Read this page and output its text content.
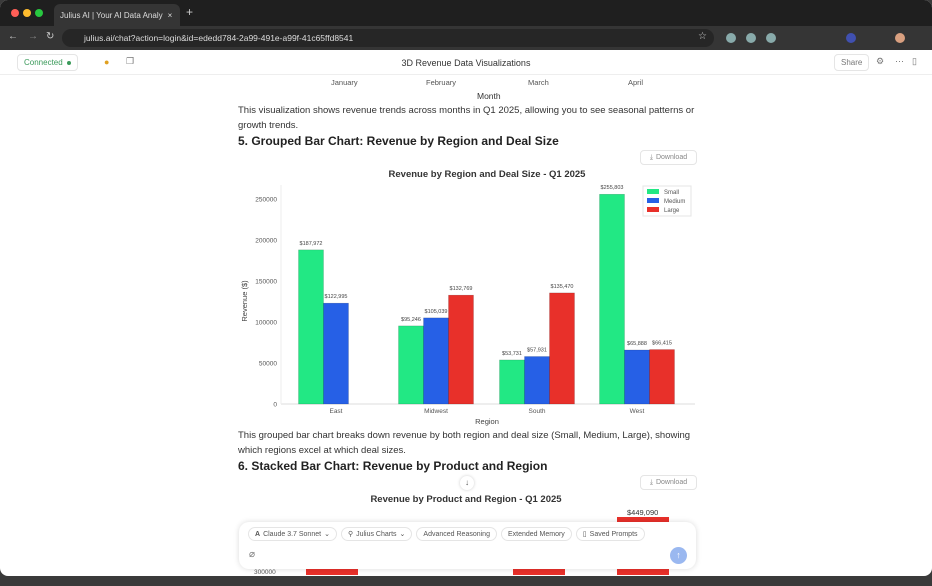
Julius AI | Your AI Data Analy × +
← → ↻	julius.ai/chat?action=login&id=ededd784-2a99-491e-a99f-41c65ffd8541	☆
Connected	● ❐	3D Revenue Data Visualizations	Share	⚙ ⋯ ▯
January	February	March	April
Month

This visualization shows revenue trends across months in Q1 2025, allowing you to see seasonal patterns or growth trends.

5. Grouped Bar Chart: Revenue by Region and Deal Size
⤓ Download
Revenue by Region and Deal Size - Q1 2025
0
50000
100000
150000
200000
250000
Revenue ($)
Region
East
$187,972
$122,995
Midwest
$95,246
$105,039
$132,769
South
$53,731
$57,931
$135,470
West
$255,803
$65,888 $66,415
Small
Medium
Large

This grouped bar chart breaks down revenue by both region and deal size (Small, Medium, Large), showing which regions excel at which deal sizes.

6. Stacked Bar Chart: Revenue by Product and Region
⤓ Download
Revenue by Product and Region - Q1 2025
$449,090
300000
↓
A Claude 3.7 Sonnet ⌄	⚲ Julius Charts ⌄	Advanced Reasoning	Extended Memory	▯ Saved Prompts
⌀	↑
